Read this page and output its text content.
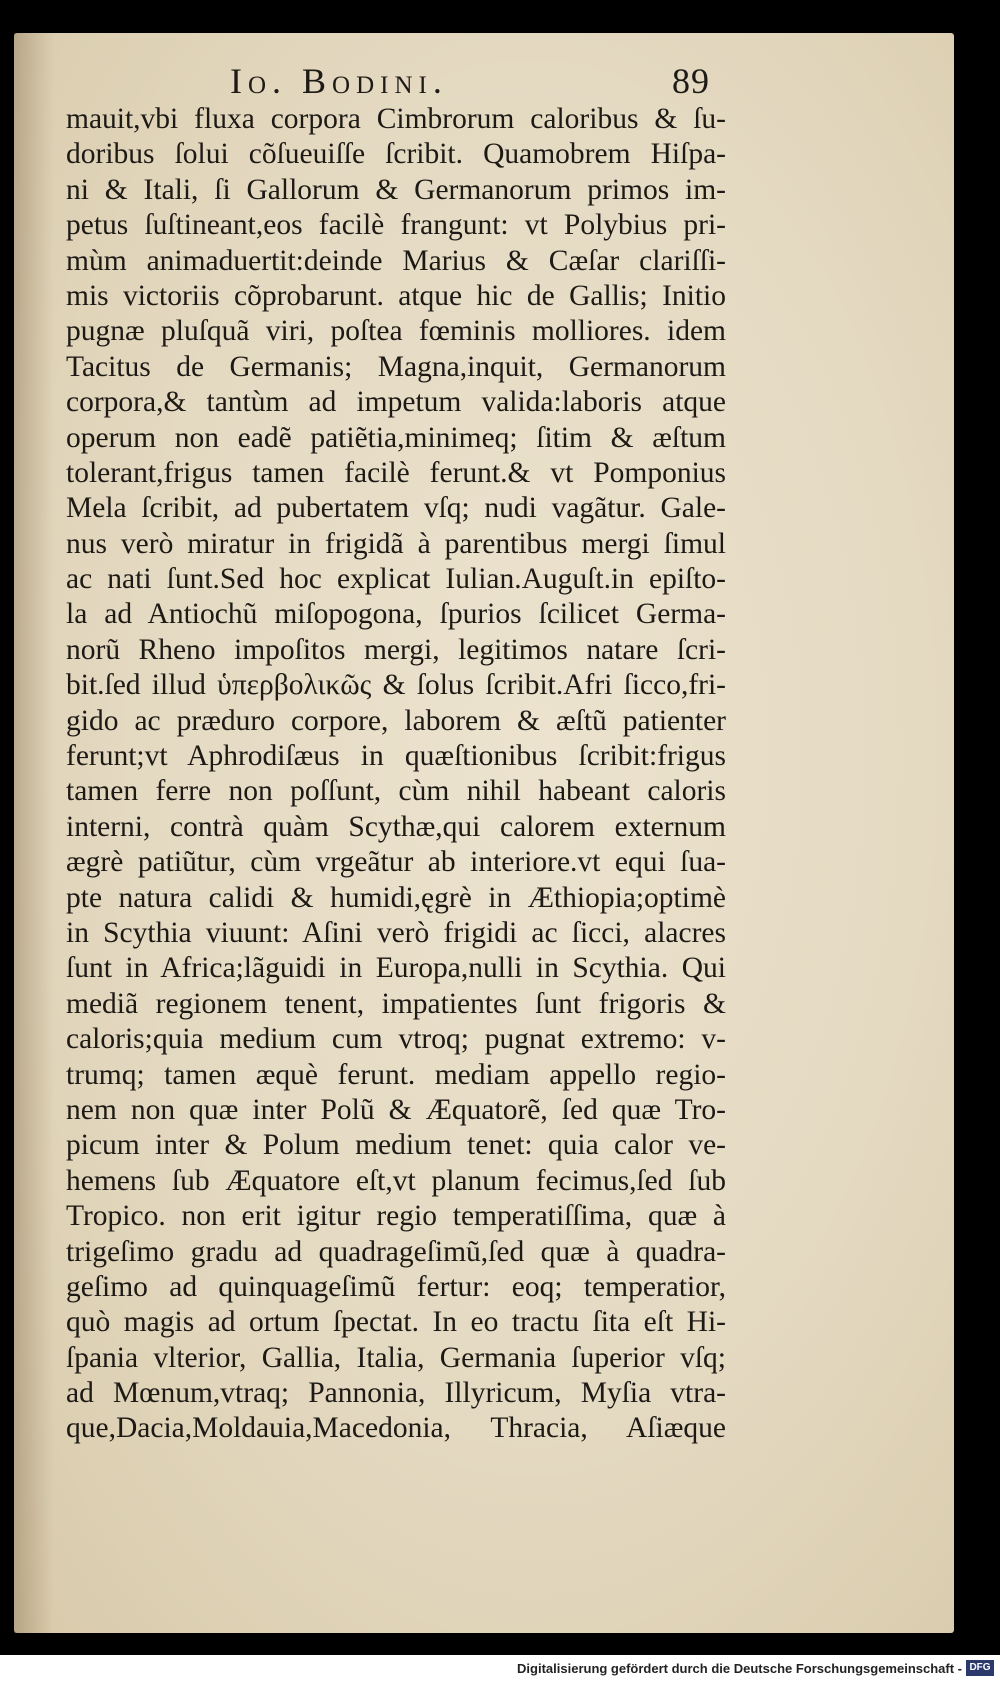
Io. Bodini.	89
mauit,vbi fluxa corpora Cimbrorum caloribus & ſu-
doribus ſolui cõſueuiſſe ſcribit. Quamobrem Hiſpa-
ni & Itali, ſi Gallorum & Germanorum primos im-
petus ſuſtineant,eos facilè frangunt: vt Polybius pri-
mùm animaduertit:deinde Marius & Cæſar clariſſi-
mis victoriis cõprobarunt. atque hic de Gallis; Initio
pugnæ pluſquã viri, poſtea fœminis molliores. idem
Tacitus de Germanis; Magna,inquit, Germanorum
corpora,& tantùm ad impetum valida:laboris atque
operum non eadẽ patiẽtia,minimeq; ſitim & æſtum
tolerant,frigus tamen facilè ferunt.& vt Pomponius
Mela ſcribit, ad pubertatem vſq; nudi vagãtur. Gale-
nus verò miratur in frigidã à parentibus mergi ſimul
ac nati ſunt.Sed hoc explicat Iulian.Auguſt.in epiſto-
la ad Antiochũ miſopogona, ſpurios ſcilicet Germa-
norũ Rheno impoſitos mergi, legitimos natare ſcri-
bit.ſed illud ὑπερβολικῶς & ſolus ſcribit.Afri ſicco,fri-
gido ac præduro corpore, laborem & æſtũ patienter
ferunt;vt Aphrodiſæus in quæſtionibus ſcribit:frigus
tamen ferre non poſſunt, cùm nihil habeant caloris
interni, contrà quàm Scythæ,qui calorem externum
ægrè patiũtur, cùm vrgeãtur ab interiore.vt equi ſua-
pte natura calidi & humidi,ęgrè in Æthiopia;optimè
in Scythia viuunt: Aſini verò frigidi ac ſicci, alacres
ſunt in Africa;lãguidi in Europa,nulli in Scythia. Qui
mediã regionem tenent, impatientes ſunt frigoris &
caloris;quia medium cum vtroq; pugnat extremo: v-
trumq; tamen æquè ferunt. mediam appello regio-
nem non quæ inter Polũ & Æquatorẽ, ſed quæ Tro-
picum inter & Polum medium tenet: quia calor ve-
hemens ſub Æquatore eſt,vt planum fecimus,ſed ſub
Tropico. non erit igitur regio temperatiſſima, quæ à
trigeſimo gradu ad quadrageſimũ,ſed quæ à quadra-
geſimo ad quinquageſimũ fertur: eoq; temperatior,
quò magis ad ortum ſpectat. In eo tractu ſita eſt Hi-
ſpania vlterior, Gallia, Italia, Germania ſuperior vſq;
ad Mœnum,vtraq; Pannonia, Illyricum, Myſia vtra-
que,Dacia,Moldauia,Macedonia, Thracia, Aſiæque
Digitalisierung gefördert durch die Deutsche Forschungsgemeinschaft - DFG
